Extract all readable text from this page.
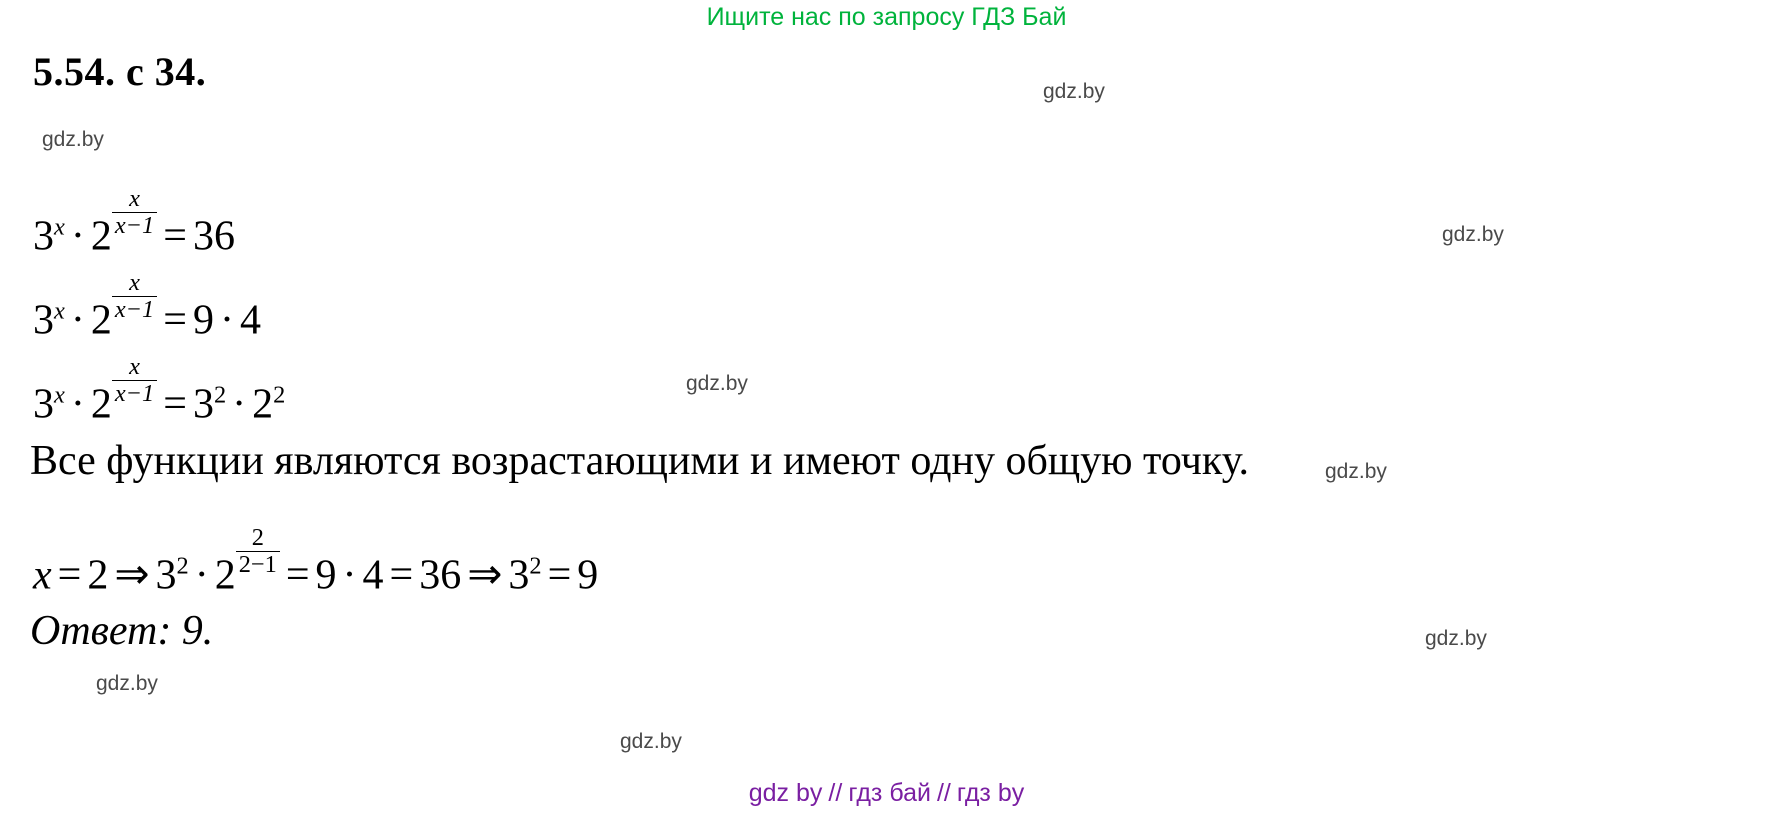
Ищите нас по запросу ГДЗ Бай
5.54. с 34.
$3^x \cdot 2 \frac{x}{x-1} = 36$
$3^x \cdot 2 \frac{x}{x-1} = 9 \cdot 4$
$3^x \cdot 2 \frac{x}{x-1} = 3^2 \cdot 2^2$
Все функции являются возрастающими и имеют одну общую точку.
x = 2 ⇒ $3^2 \cdot 2 \frac{2}{2-1} = 9 \cdot 4 = 36$ ⇒ $3^2 = 9$
Ответ: 9.
gdz.by
gdz.by
gdz.by
gdz.by
gdz.by
gdz.by
gdz.by
gdz.by
gdz by // гдз бай // гдз by
